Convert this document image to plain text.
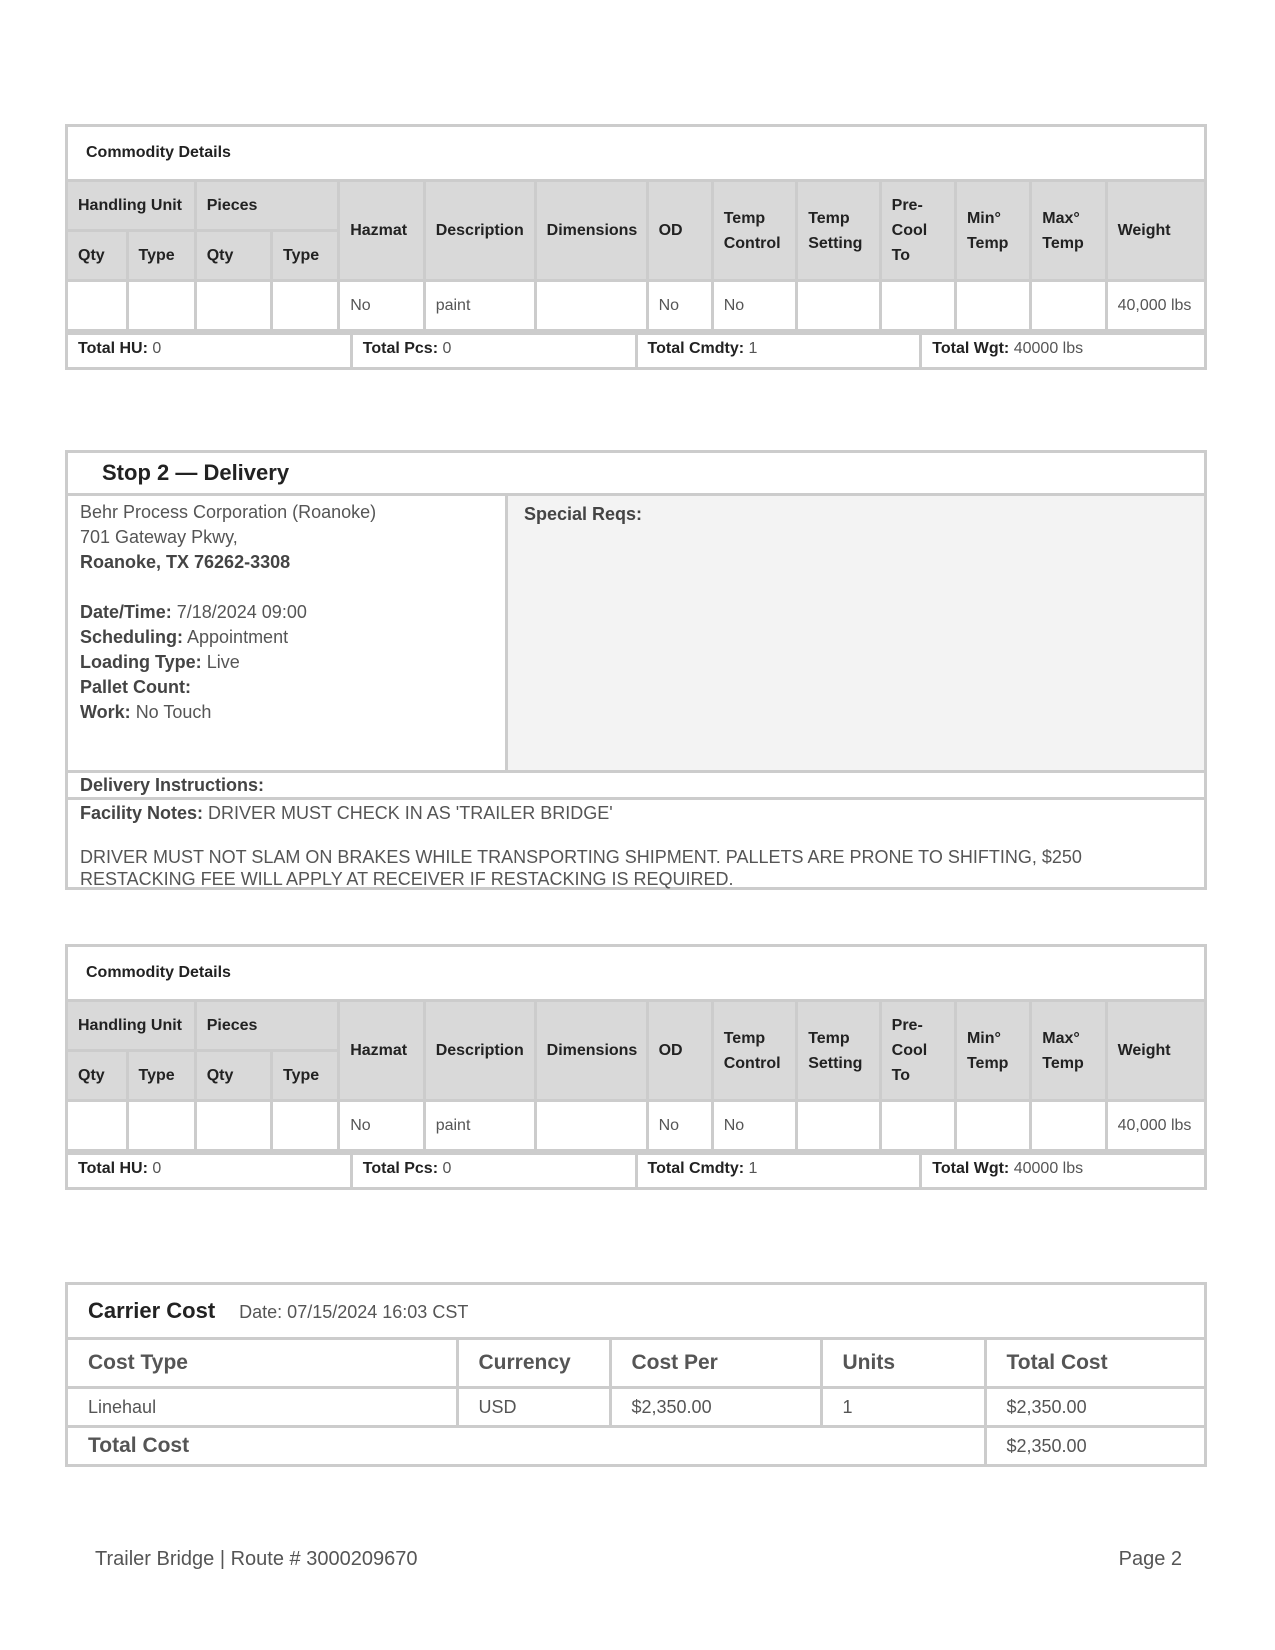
Commodity Details													
Handling Unit		Pieces		Hazmat	Description	Dimensions	OD	Temp Control	Temp Setting	Pre-Cool To	Min° Temp	Max° Temp	Weight
Qty	Type	Qty	Type										
				No	paint		No	No					40,000 lbs
Total HU: 0	Total Pcs: 0	Total Cmdty: 1	Total Wgt: 40000 lbs
Stop 2 — Delivery
Behr Process Corporation (Roanoke)
701 Gateway Pkwy,
Roanoke, TX 76262-3308
Date/Time: 7/18/2024 09:00
Scheduling: Appointment
Loading Type: Live
Pallet Count:
Work: No Touch
Special Reqs:
Delivery Instructions:
Facility Notes: DRIVER MUST CHECK IN AS 'TRAILER BRIDGE'
DRIVER MUST NOT SLAM ON BRAKES WHILE TRANSPORTING SHIPMENT. PALLETS ARE PRONE TO SHIFTING, $250 RESTACKING FEE WILL APPLY AT RECEIVER IF RESTACKING IS REQUIRED.
Commodity Details													
Handling Unit		Pieces		Hazmat	Description	Dimensions	OD	Temp Control	Temp Setting	Pre-Cool To	Min° Temp	Max° Temp	Weight
Qty	Type	Qty	Type										
				No	paint		No	No					40,000 lbs
Total HU: 0	Total Pcs: 0	Total Cmdty: 1	Total Wgt: 40000 lbs
Carrier Cost Date: 07/15/2024 16:03 CST				
Cost Type	Currency	Cost Per	Units	Total Cost
Linehaul	USD	$2,350.00	1	$2,350.00
Total Cost				$2,350.00
Trailer Bridge | Route # 3000209670	Page 2
